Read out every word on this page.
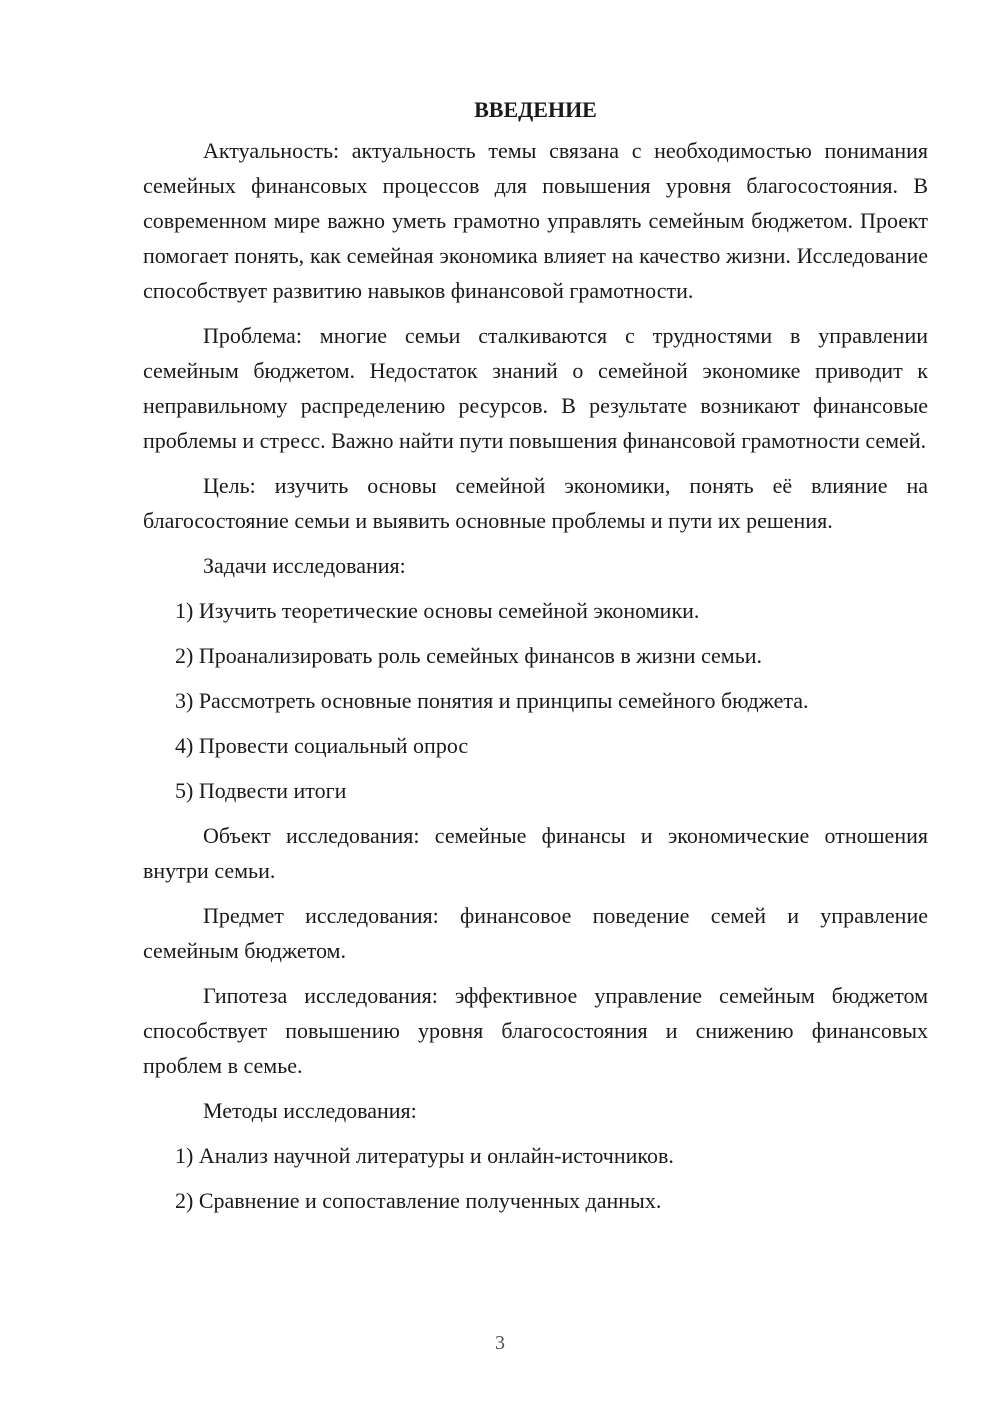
ВВЕДЕНИЕ

Актуальность: актуальность темы связана с необходимостью понимания семейных финансовых процессов для повышения уровня благосостояния. В современном мире важно уметь грамотно управлять семейным бюджетом. Проект помогает понять, как семейная экономика влияет на качество жизни. Исследование способствует развитию навыков финансовой грамотности.

Проблема: многие семьи сталкиваются с трудностями в управлении семейным бюджетом. Недостаток знаний о семейной экономике приводит к неправильному распределению ресурсов. В результате возникают финансовые проблемы и стресс. Важно найти пути повышения финансовой грамотности семей.

Цель: изучить основы семейной экономики, понять её влияние на благосостояние семьи и выявить основные проблемы и пути их решения.

Задачи исследования:

1) Изучить теоретические основы семейной экономики.
2) Проанализировать роль семейных финансов в жизни семьи.
3) Рассмотреть основные понятия и принципы семейного бюджета.
4) Провести социальный опрос
5) Подвести итоги

Объект исследования: семейные финансы и экономические отношения внутри семьи.

Предмет исследования: финансовое поведение семей и управление семейным бюджетом.

Гипотеза исследования: эффективное управление семейным бюджетом способствует повышению уровня благосостояния и снижению финансовых проблем в семье.

Методы исследования:

1) Анализ научной литературы и онлайн-источников.
2) Сравнение и сопоставление полученных данных.
3
